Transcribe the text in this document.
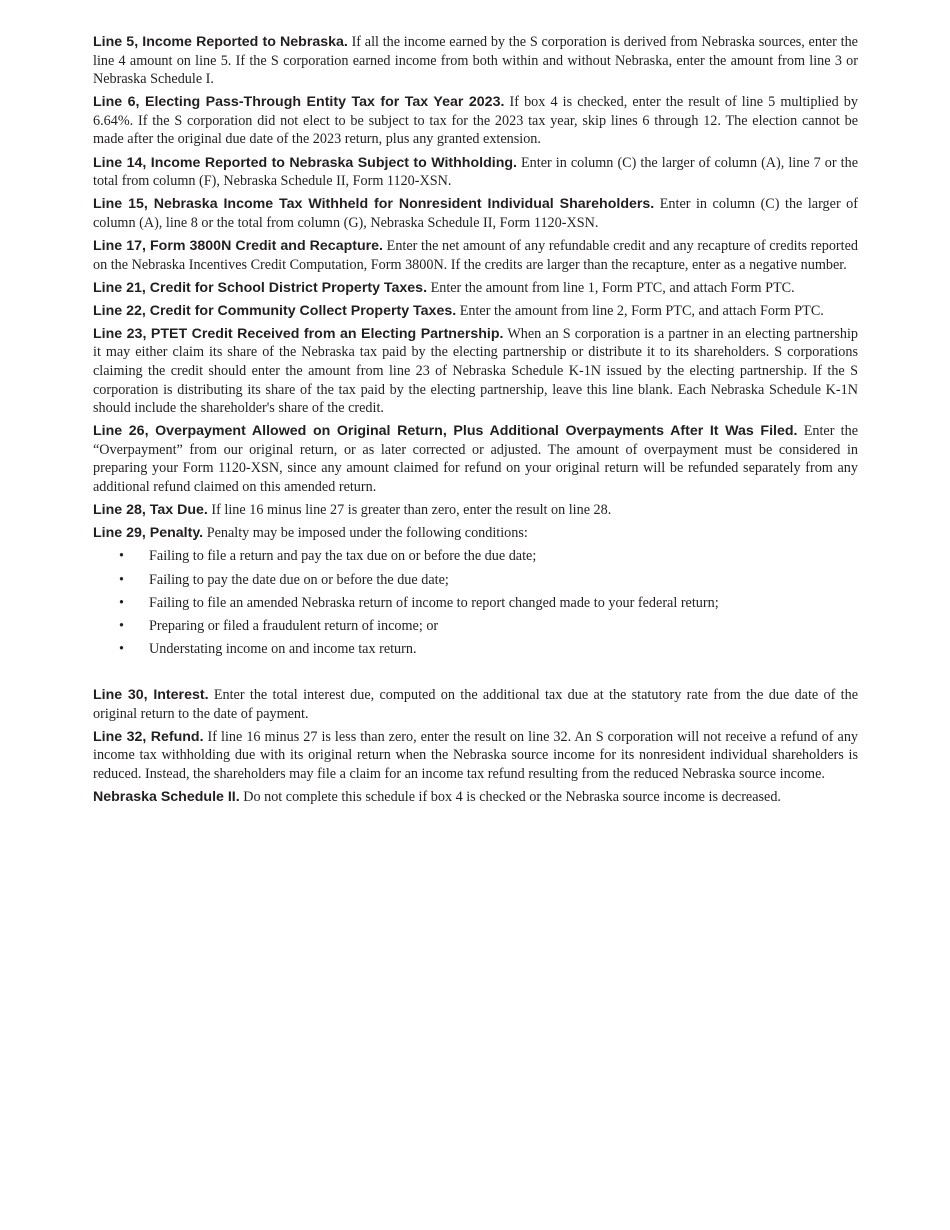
Line 5, Income Reported to Nebraska. If all the income earned by the S corporation is derived from Nebraska sources, enter the line 4 amount on line 5. If the S corporation earned income from both within and without Nebraska, enter the amount from line 3 or Nebraska Schedule I.

Line 6, Electing Pass-Through Entity Tax for Tax Year 2023. If box 4 is checked, enter the result of line 5 multiplied by 6.64%. If the S corporation did not elect to be subject to tax for the 2023 tax year, skip lines 6 through 12. The election cannot be made after the original due date of the 2023 return, plus any granted extension.

Line 14, Income Reported to Nebraska Subject to Withholding. Enter in column (C) the larger of column (A), line 7 or the total from column (F), Nebraska Schedule II, Form 1120-XSN.

Line 15, Nebraska Income Tax Withheld for Nonresident Individual Shareholders. Enter in column (C) the larger of column (A), line 8 or the total from column (G), Nebraska Schedule II, Form 1120-XSN.

Line 17, Form 3800N Credit and Recapture. Enter the net amount of any refundable credit and any recapture of credits reported on the Nebraska Incentives Credit Computation, Form 3800N. If the credits are larger than the recapture, enter as a negative number.

Line 21, Credit for School District Property Taxes. Enter the amount from line 1, Form PTC, and attach Form PTC.

Line 22, Credit for Community Collect Property Taxes. Enter the amount from line 2, Form PTC, and attach Form PTC.

Line 23, PTET Credit Received from an Electing Partnership. When an S corporation is a partner in an electing partnership it may either claim its share of the Nebraska tax paid by the electing partnership or distribute it to its shareholders. S corporations claiming the credit should enter the amount from line 23 of Nebraska Schedule K-1N issued by the electing partnership. If the S corporation is distributing its share of the tax paid by the electing partnership, leave this line blank. Each Nebraska Schedule K-1N should include the shareholder's share of the credit.

Line 26, Overpayment Allowed on Original Return, Plus Additional Overpayments After It Was Filed. Enter the “Overpayment” from our original return, or as later corrected or adjusted. The amount of overpayment must be considered in preparing your Form 1120-XSN, since any amount claimed for refund on your original return will be refunded separately from any additional refund claimed on this amended return.

Line 28, Tax Due. If line 16 minus line 27 is greater than zero, enter the result on line 28.

Line 29, Penalty. Penalty may be imposed under the following conditions:

• Failing to file a return and pay the tax due on or before the due date;
• Failing to pay the date due on or before the due date;
• Failing to file an amended Nebraska return of income to report changed made to your federal return;
• Preparing or filed a fraudulent return of income; or
• Understating income on and income tax return.

Line 30, Interest. Enter the total interest due, computed on the additional tax due at the statutory rate from the due date of the original return to the date of payment.

Line 32, Refund. If line 16 minus 27 is less than zero, enter the result on line 32. An S corporation will not receive a refund of any income tax withholding due with its original return when the Nebraska source income for its nonresident individual shareholders is reduced. Instead, the shareholders may file a claim for an income tax refund resulting from the reduced Nebraska source income.

Nebraska Schedule II. Do not complete this schedule if box 4 is checked or the Nebraska source income is decreased.
